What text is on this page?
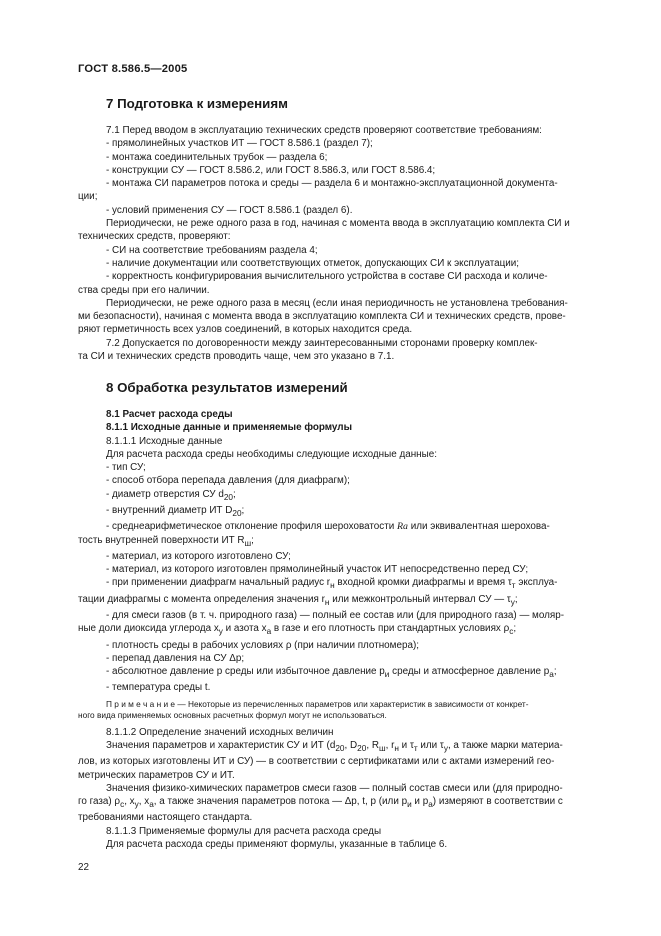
ГОСТ 8.586.5—2005
7 Подготовка к измерениям

7.1 Перед вводом в эксплуатацию технических средств проверяют соответствие требованиям:

- прямолинейных участков ИТ — ГОСТ 8.586.1 (раздел 7);

- монтажа соединительных трубок — раздела 6;

- конструкции СУ — ГОСТ 8.586.2, или ГОСТ 8.586.3, или ГОСТ 8.586.4;

- монтажа СИ параметров потока и среды — раздела 6 и монтажно-эксплуатационной документа-

ции;

- условий применения СУ — ГОСТ 8.586.1 (раздел 6).

Периодически, не реже одного раза в год, начиная с момента ввода в эксплуатацию комплекта СИ и

технических средств, проверяют:

- СИ на соответствие требованиям раздела 4;

- наличие документации или соответствующих отметок, допускающих СИ к эксплуатации;

- корректность конфигурирования вычислительного устройства в составе СИ расхода и количе-

ства среды при его наличии.

Периодически, не реже одного раза в месяц (если иная периодичность не установлена требования-

ми безопасности), начиная с момента ввода в эксплуатацию комплекта СИ и технических средств, прове-

ряют герметичность всех узлов соединений, в которых находится среда.

7.2 Допускается по договоренности между заинтересованными сторонами проверку комплек-

та СИ и технических средств проводить чаще, чем это указано в 7.1.

8 Обработка результатов измерений

8.1 Расчет расхода среды

8.1.1 Исходные данные и применяемые формулы

8.1.1.1 Исходные данные

Для расчета расхода среды необходимы следующие исходные данные:

- тип СУ;

- способ отбора перепада давления (для диафрагм);

- диаметр отверстия СУ $d_{20}$;

- внутренний диаметр ИТ $D_{20}$;

- среднеарифметическое отклонение профиля шероховатости Ra или эквивалентная шерохова-

тость внутренней поверхности ИТ $R_ш$;

- материал, из которого изготовлено СУ;

- материал, из которого изготовлен прямолинейный участок ИТ непосредственно перед СУ;

- при применении диафрагм начальный радиус $r_н$ входной кромки диафрагмы и время $\tau_т$ эксплуа-

тации диафрагмы с момента определения значения $r_н$ или межконтрольный интервал СУ — $\tau_у$;

- для смеси газов (в т. ч. природного газа) — полный ее состав или (для природного газа) — моляр-

ные доли диоксида углерода $x_у$ и азота $x_а$ в газе и его плотность при стандартных условиях $\rho_с$;

- плотность среды в рабочих условиях ρ (при наличии плотномера);

- перепад давления на СУ Δp;

- абсолютное давление p среды или избыточное давление $p_и$ среды и атмосферное давление $p_а$;

- температура среды t.

П р и м е ч а н и е — Некоторые из перечисленных параметров или характеристик в зависимости от конкрет-

ного вида применяемых основных расчетных формул могут не использоваться.

8.1.1.2 Определение значений исходных величин

Значения параметров и характеристик СУ и ИТ ($d_{20}$, $D_{20}$, $R_ш$, $r_н$ и $\tau_т$ или $\tau_у$, а также марки материа-

лов, из которых изготовлены ИТ и СУ) — в соответствии с сертификатами или с актами измерений гео-

метрических параметров СУ и ИТ.

Значения физико-химических параметров смеси газов — полный состав смеси или (для природно-

го газа) $\rho_с$, $x_у$, $x_а$, а также значения параметров потока — Δp, t, p (или $p_и$ и $p_а$) измеряют в соответствии с

требованиями настоящего стандарта.

8.1.1.3 Применяемые формулы для расчета расхода среды

Для расчета расхода среды применяют формулы, указанные в таблице 6.

22
